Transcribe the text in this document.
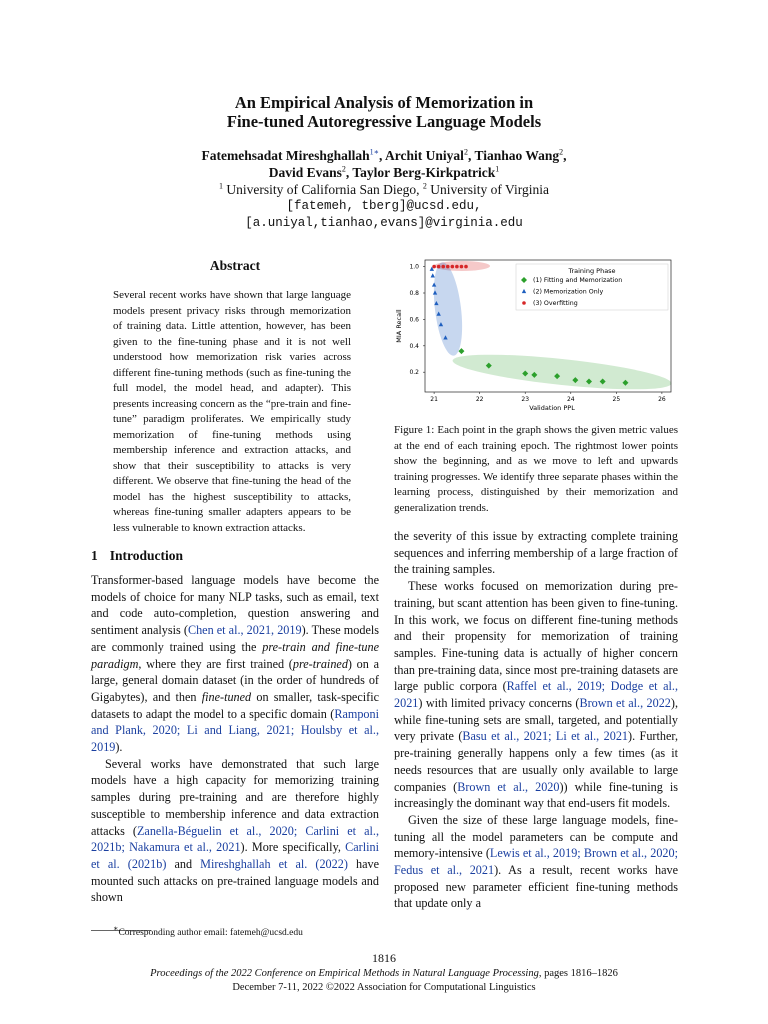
An Empirical Analysis of Memorization in
Fine-tuned Autoregressive Language Models
Fatemehsadat Mireshghallah$^{1∗}$, Archit Uniyal$^2$, Tianhao Wang$^2$,
David Evans$^2$, Taylor Berg-Kirkpatrick$^1$
$^1$ University of California San Diego, $^2$ University of Virginia
[fatemeh, tberg]@ucsd.edu,
[a.uniyal,tianhao,evans]@virginia.edu
Abstract
Several recent works have shown that large language models present privacy risks through memorization of training data. Little attention, however, has been given to the fine-tuning phase and it is not well understood how memorization risk varies across different fine-tuning methods (such as fine-tuning the full model, the model head, and adapter). This presents increasing concern as the “pre-train and fine-tune” paradigm proliferates. We empirically study memorization of fine-tuning methods using membership inference and extraction attacks, and show that their susceptibility to attacks is very different. We observe that fine-tuning the head of the model has the highest susceptibility to attacks, whereas fine-tuning smaller adapters appears to be less vulnerable to known extraction attacks.
1 Introduction

Transformer-based language models have become the models of choice for many NLP tasks, such as email, text and code auto-completion, question answering and sentiment analysis (Chen et al., 2021, 2019). These models are commonly trained using the pre-train and fine-tune paradigm, where they are first trained (pre-trained) on a large, general domain dataset (in the order of hundreds of Gigabytes), and then fine-tuned on smaller, task-specific datasets to adapt the model to a specific domain (Ramponi and Plank, 2020; Li and Liang, 2021; Houlsby et al., 2019).

Several works have demonstrated that such large models have a high capacity for memorizing training samples during pre-training and are therefore highly susceptible to membership inference and data extraction attacks (Zanella-Béguelin et al., 2020; Carlini et al., 2021b; Nakamura et al., 2021). More specifically, Carlini et al. (2021b) and Mireshghallah et al. (2022) have mounted such attacks on pre-trained language models and shown

0.2
0.4
0.6
0.8
1.0
21	22	23	24	25	26
Validation PPL
MIA Recall
Training Phase
(1) Fitting and Memorization
(2) Memorization Only
(3) Overfitting
Figure 1: Each point in the graph shows the given metric values at the end of each training epoch. The rightmost lower points show the beginning, and as we move to left and upwards training progresses. We identify three separate phases within the learning process, distinguished by their memorization and generalization trends.

the severity of this issue by extracting complete training sequences and inferring membership of a large fraction of the training samples.

These works focused on memorization during pre-training, but scant attention has been given to fine-tuning. In this work, we focus on different fine-tuning methods and their propensity for memorization of training samples. Fine-tuning data is actually of higher concern than pre-training data, since most pre-training datasets are large public corpora (Raffel et al., 2019; Dodge et al., 2021) with limited privacy concerns (Brown et al., 2022), while fine-tuning sets are small, targeted, and potentially very private (Basu et al., 2021; Li et al., 2021). Further, pre-training generally happens only a few times (as it needs resources that are usually only available to large companies (Brown et al., 2020)) while fine-tuning is increasingly the dominant way that end-users fit models.

Given the size of these large language models, fine-tuning all the model parameters can be compute and memory-intensive (Lewis et al., 2019; Brown et al., 2020; Fedus et al., 2021). As a result, recent works have proposed new parameter efficient fine-tuning methods that update only a

∗Corresponding author email: fatemeh@ucsd.edu
1816
Proceedings of the 2022 Conference on Empirical Methods in Natural Language Processing, pages 1816–1826
December 7-11, 2022 ©2022 Association for Computational Linguistics
